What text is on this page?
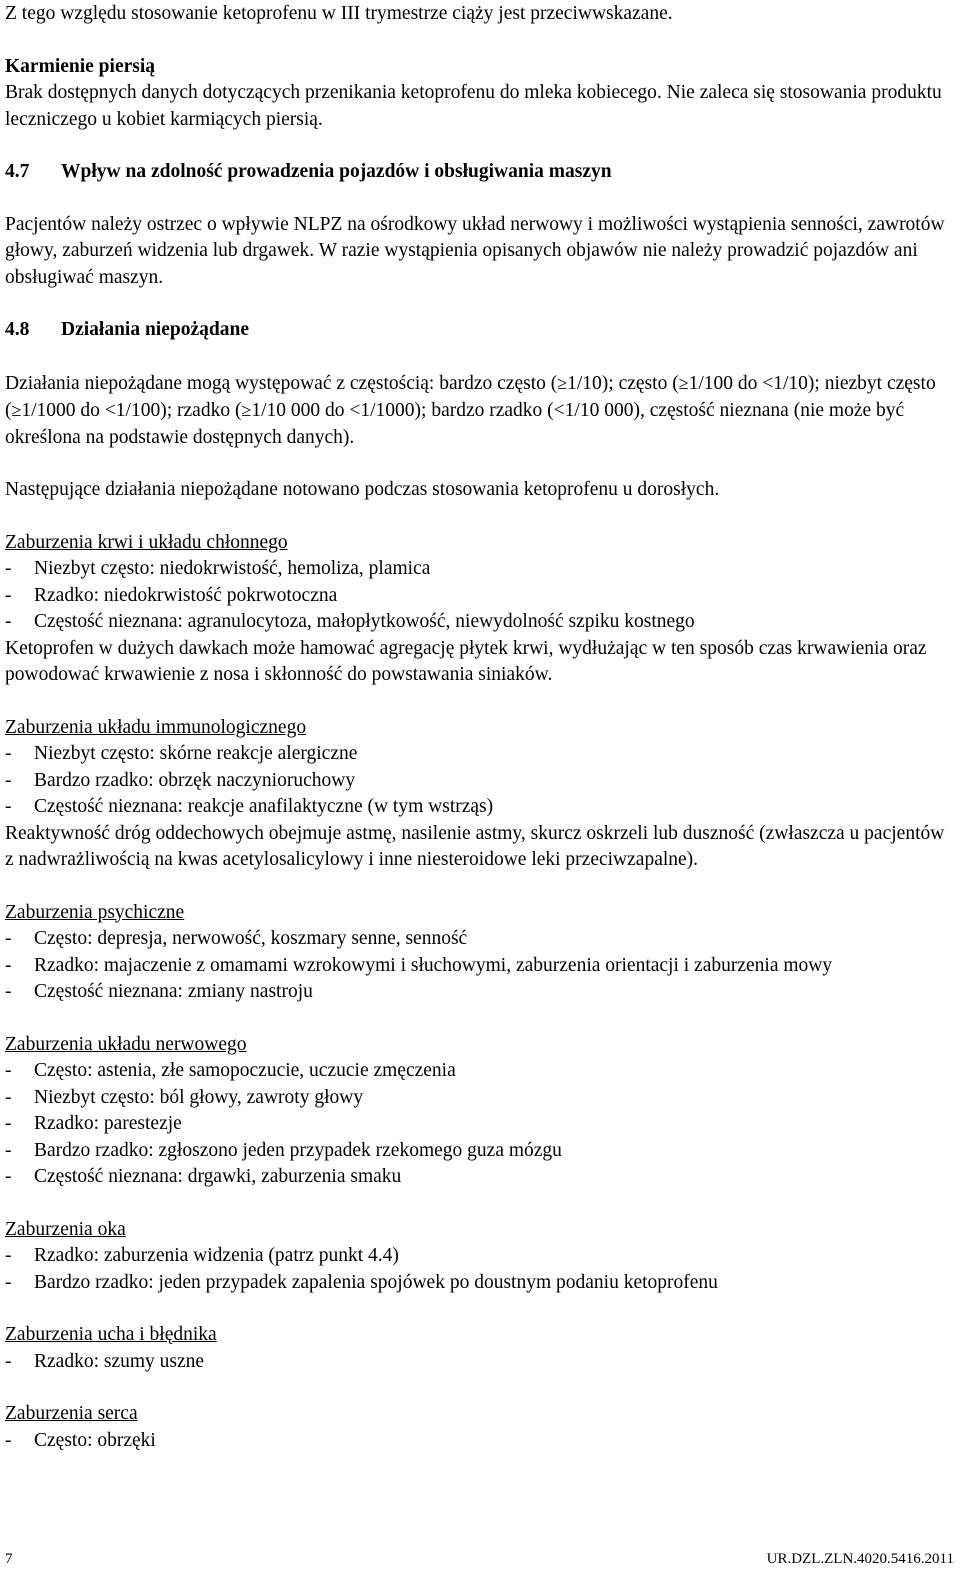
Z tego względu stosowanie ketoprofenu w III trymestrze ciąży jest przeciwwskazane.

Karmienie piersią

Brak dostępnych danych dotyczących przenikania ketoprofenu do mleka kobiecego. Nie zaleca się stosowania produktu leczniczego u kobiet karmiących piersią.

4.7 Wpływ na zdolność prowadzenia pojazdów i obsługiwania maszyn

Pacjentów należy ostrzec o wpływie NLPZ na ośrodkowy układ nerwowy i możliwości wystąpienia senności, zawrotów głowy, zaburzeń widzenia lub drgawek. W razie wystąpienia opisanych objawów nie należy prowadzić pojazdów ani obsługiwać maszyn.

4.8 Działania niepożądane

Działania niepożądane mogą występować z częstością: bardzo często (≥1/10); często (≥1/100 do <1/10); niezbyt często (≥1/1000 do <1/100); rzadko (≥1/10 000 do <1/1000); bardzo rzadko (<1/10 000), częstość nieznana (nie może być określona na podstawie dostępnych danych).

Następujące działania niepożądane notowano podczas stosowania ketoprofenu u dorosłych.

Zaburzenia krwi i układu chłonnego

- Niezbyt często: niedokrwistość, hemoliza, plamica

- Rzadko: niedokrwistość pokrwotoczna

- Częstość nieznana: agranulocytoza, małopłytkowość, niewydolność szpiku kostnego

Ketoprofen w dużych dawkach może hamować agregację płytek krwi, wydłużając w ten sposób czas krwawienia oraz powodować krwawienie z nosa i skłonność do powstawania siniaków.

Zaburzenia układu immunologicznego

- Niezbyt często: skórne reakcje alergiczne

- Bardzo rzadko: obrzęk naczynioruchowy

- Częstość nieznana: reakcje anafilaktyczne (w tym wstrząs)

Reaktywność dróg oddechowych obejmuje astmę, nasilenie astmy, skurcz oskrzeli lub duszność (zwłaszcza u pacjentów z nadwrażliwością na kwas acetylosalicylowy i inne niesteroidowe leki przeciwzapalne).

Zaburzenia psychiczne

- Często: depresja, nerwowość, koszmary senne, senność

- Rzadko: majaczenie z omamami wzrokowymi i słuchowymi, zaburzenia orientacji i zaburzenia mowy

- Częstość nieznana: zmiany nastroju

Zaburzenia układu nerwowego

- Często: astenia, złe samopoczucie, uczucie zmęczenia

- Niezbyt często: ból głowy, zawroty głowy

- Rzadko: parestezje

- Bardzo rzadko: zgłoszono jeden przypadek rzekomego guza mózgu

- Częstość nieznana: drgawki, zaburzenia smaku

Zaburzenia oka

- Rzadko: zaburzenia widzenia (patrz punkt 4.4)

- Bardzo rzadko: jeden przypadek zapalenia spojówek po doustnym podaniu ketoprofenu

Zaburzenia ucha i błędnika

- Rzadko: szumy uszne

Zaburzenia serca

- Często: obrzęki

7	UR.DZL.ZLN.4020.5416.2011
